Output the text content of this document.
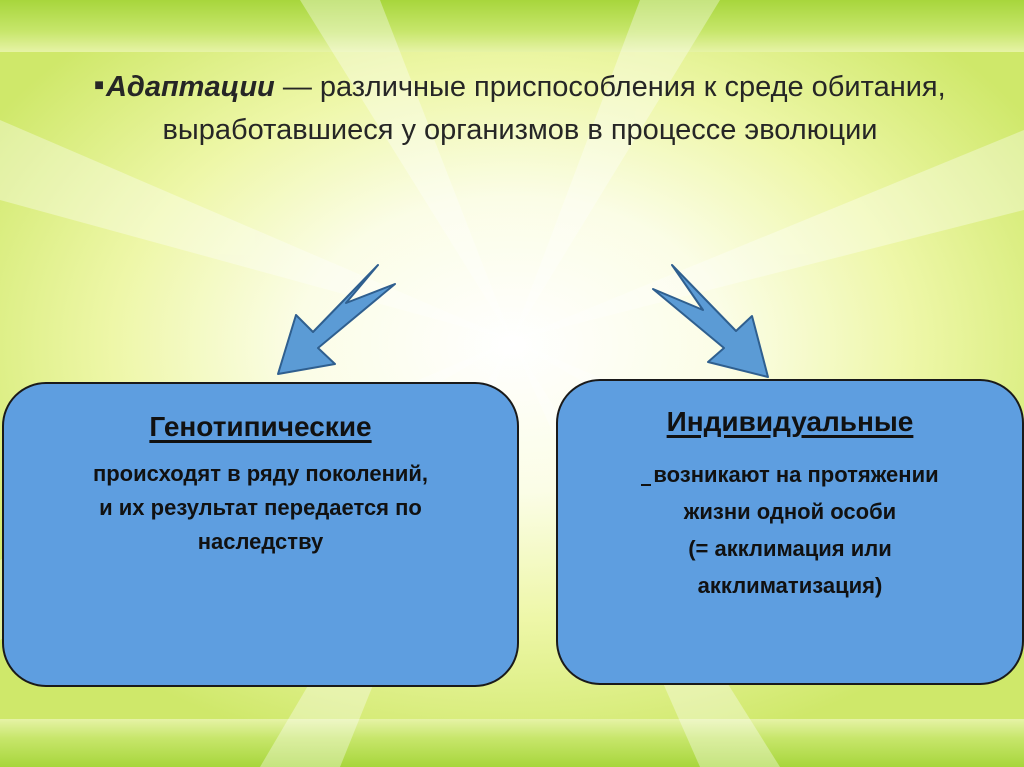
■Адаптации — различные приспособления к среде обитания, выработавшиеся у организмов в процессе эволюции
Генотипические
происходят в ряду поколений,
и их результат передается по
наследству
Индивидуальные
возникают на протяжении
жизни одной особи
(= акклимация или
акклиматизация)
